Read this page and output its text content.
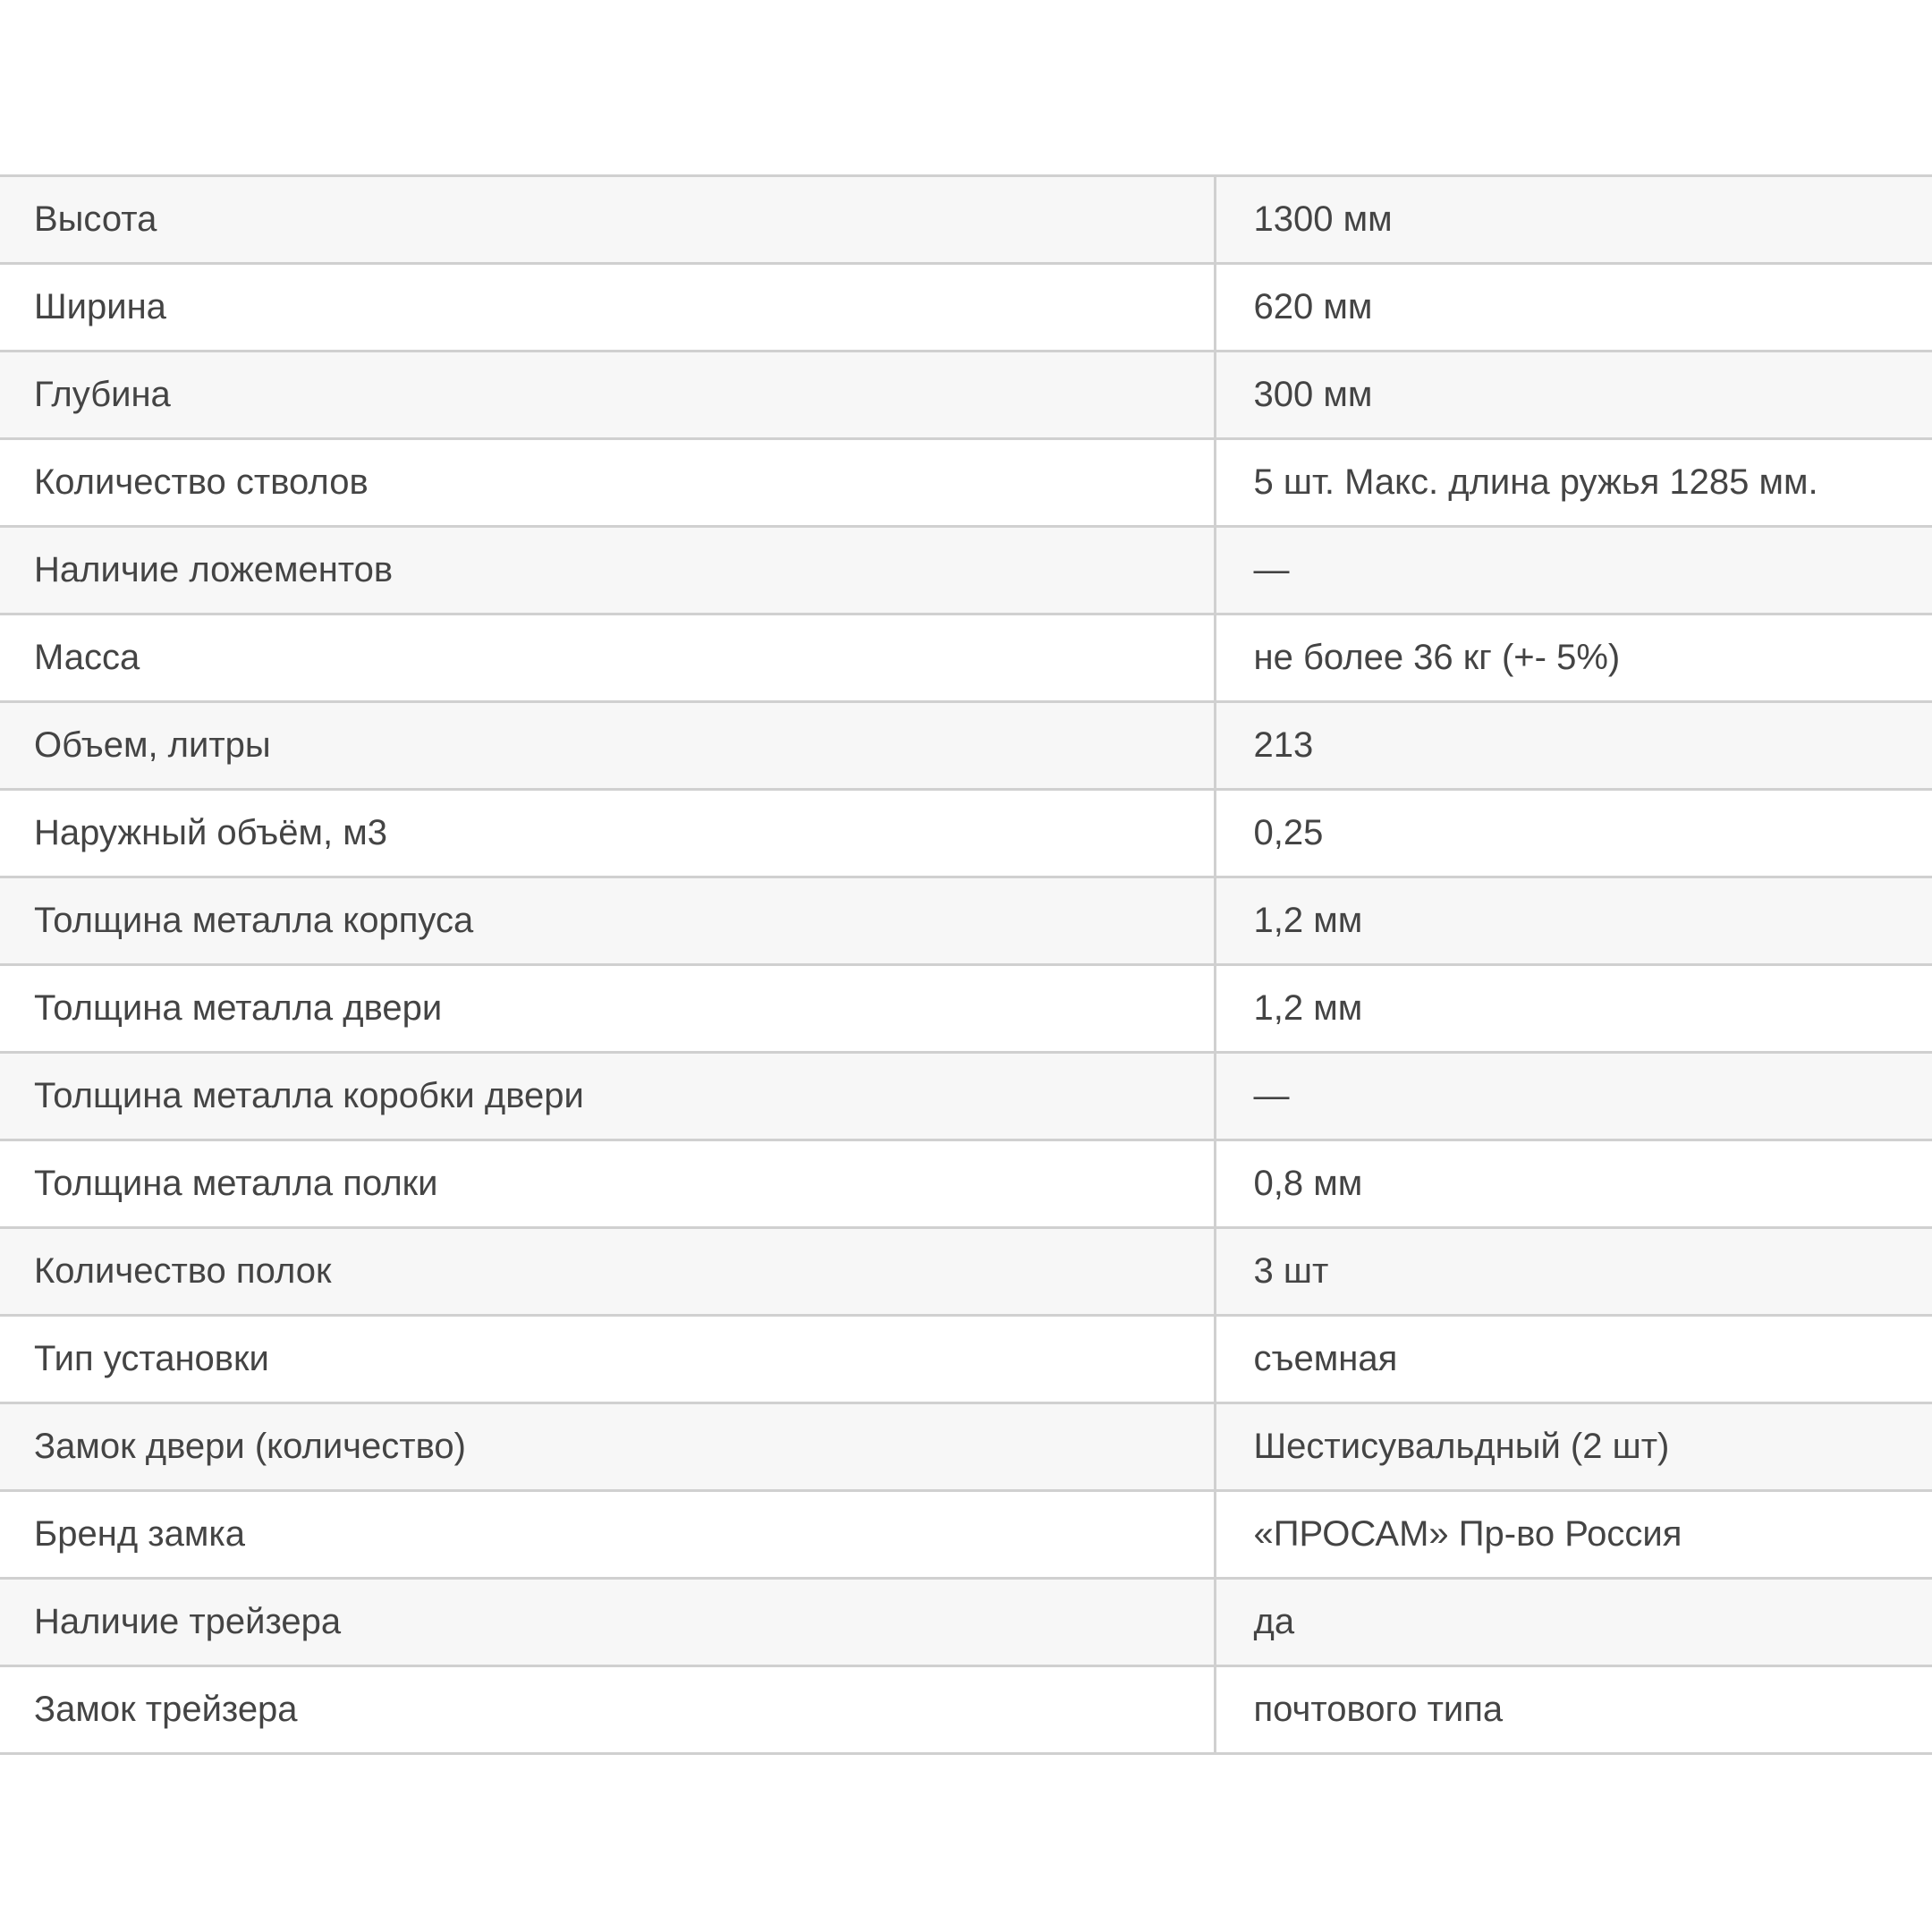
Высота	1300 мм
Ширина	620 мм
Глубина	300 мм
Количество стволов	5 шт. Макс. длина ружья 1285 мм.
Наличие ложементов	—
Масса	не более 36 кг (+- 5%)
Объем, литры	213
Наружный объём, м3	0,25
Толщина металла корпуса	1,2 мм
Толщина металла двери	1,2 мм
Толщина металла коробки двери	—
Толщина металла полки	0,8 мм
Количество полок	3 шт
Тип установки	съемная
Замок двери (количество)	Шестисувальдный (2 шт)
Бренд замка	«ПРОСАМ» Пр-во Россия
Наличие трейзера	да
Замок трейзера	почтового типа
